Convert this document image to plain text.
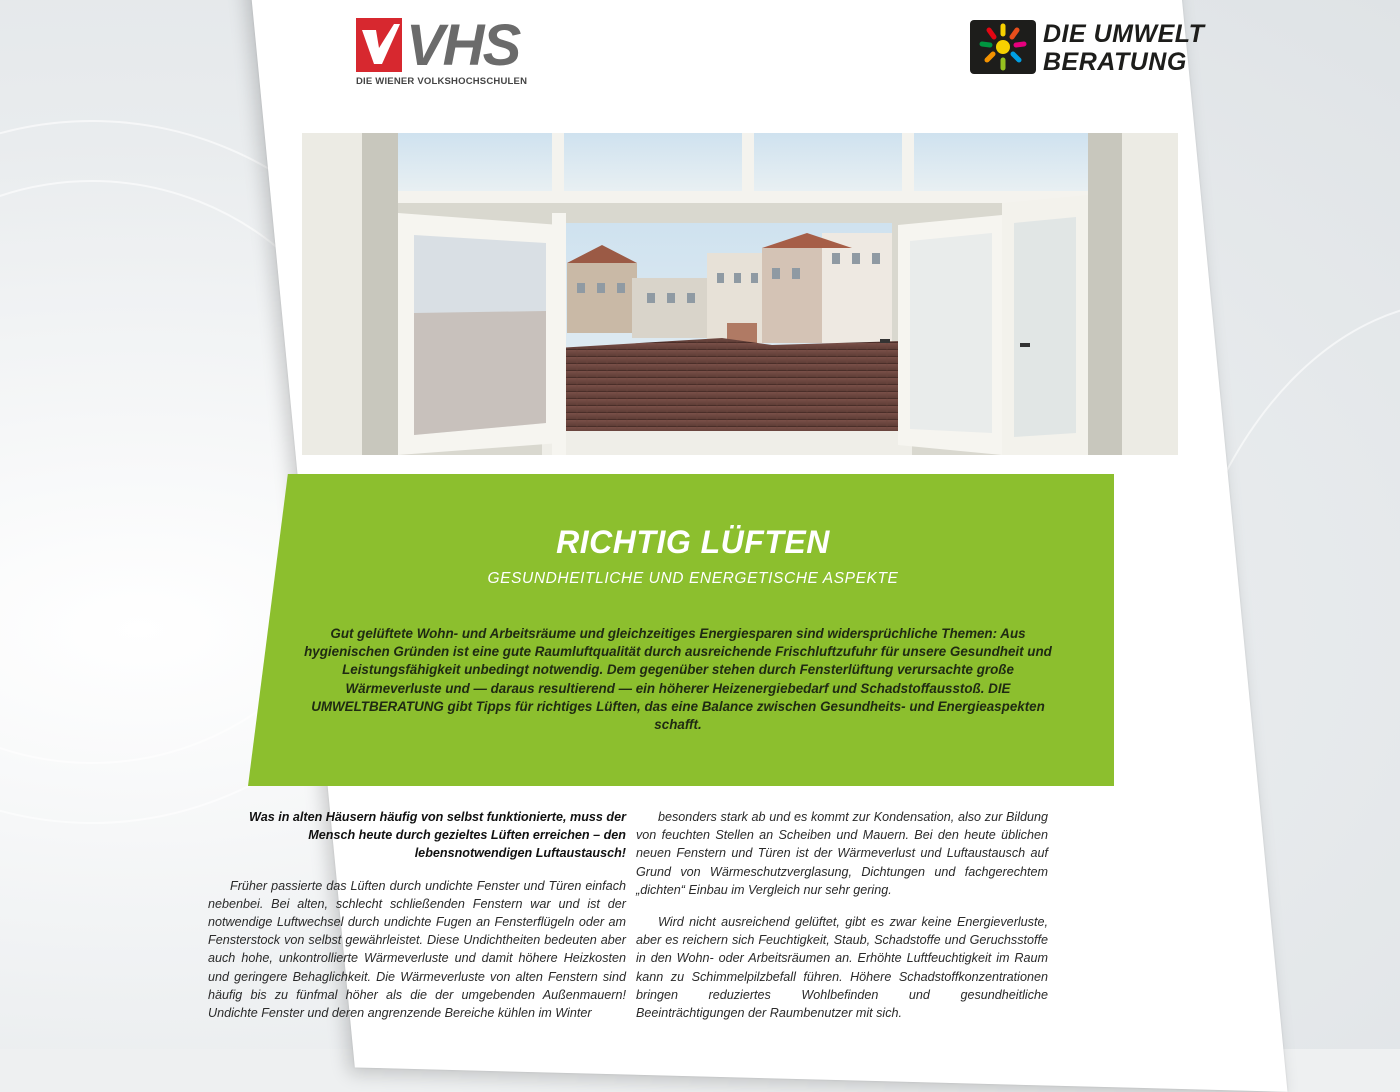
VHS
DIE WIENER VOLKSHOCHSCHULEN
DIE UMWELT
BERATUNG
RICHTIG LÜFTEN
GESUNDHEITLICHE UND ENERGETISCHE ASPEKTE

Gut gelüftete Wohn- und Arbeitsräume und gleichzeitiges Energiesparen sind widersprüchliche Themen: Aus hygienischen Gründen ist eine gute Raumluftqualität durch ausreichende Frischluftzufuhr für unsere Gesundheit und Leistungsfähigkeit unbedingt notwendig. Dem gegenüber stehen durch Fensterlüftung verursachte große Wärmeverluste und — daraus resultierend — ein höherer Heizenergiebedarf und Schadstoffausstoß. DIE UMWELTBERATUNG gibt Tipps für richtiges Lüften, das eine Balance zwischen Gesundheits- und Energieaspekten schafft.

Was in alten Häusern häufig von selbst funktionierte, muss der Mensch heute durch gezieltes Lüften erreichen – den lebensnotwendigen Luftaustausch!

Früher passierte das Lüften durch undichte Fenster und Türen einfach nebenbei. Bei alten, schlecht schließenden Fenstern war und ist der notwendige Luftwechsel durch undichte Fugen an Fensterflügeln oder am Fensterstock von selbst gewährleistet. Diese Undichtheiten bedeuten aber auch hohe, unkontrollierte Wärmeverluste und damit höhere Heizkosten und geringere Behaglichkeit. Die Wärmeverluste von alten Fenstern sind häufig bis zu fünfmal höher als die der umgebenden Außenmauern! Undichte Fenster und deren angrenzende Bereiche kühlen im Winter

besonders stark ab und es kommt zur Kondensation, also zur Bildung von feuchten Stellen an Scheiben und Mauern. Bei den heute üblichen neuen Fenstern und Türen ist der Wärmeverlust und Luftaustausch auf Grund von Wärmeschutzverglasung, Dichtungen und fachgerechtem „dichten“ Einbau im Vergleich nur sehr gering.

Wird nicht ausreichend gelüftet, gibt es zwar keine Energieverluste, aber es reichern sich Feuchtigkeit, Staub, Schadstoffe und Geruchsstoffe in den Wohn- oder Arbeitsräumen an. Erhöhte Luftfeuchtigkeit im Raum kann zu Schimmelpilzbefall führen. Höhere Schadstoffkonzentrationen bringen reduziertes Wohlbefinden und gesundheitliche Beeinträchtigungen der Raumbenutzer mit sich.
